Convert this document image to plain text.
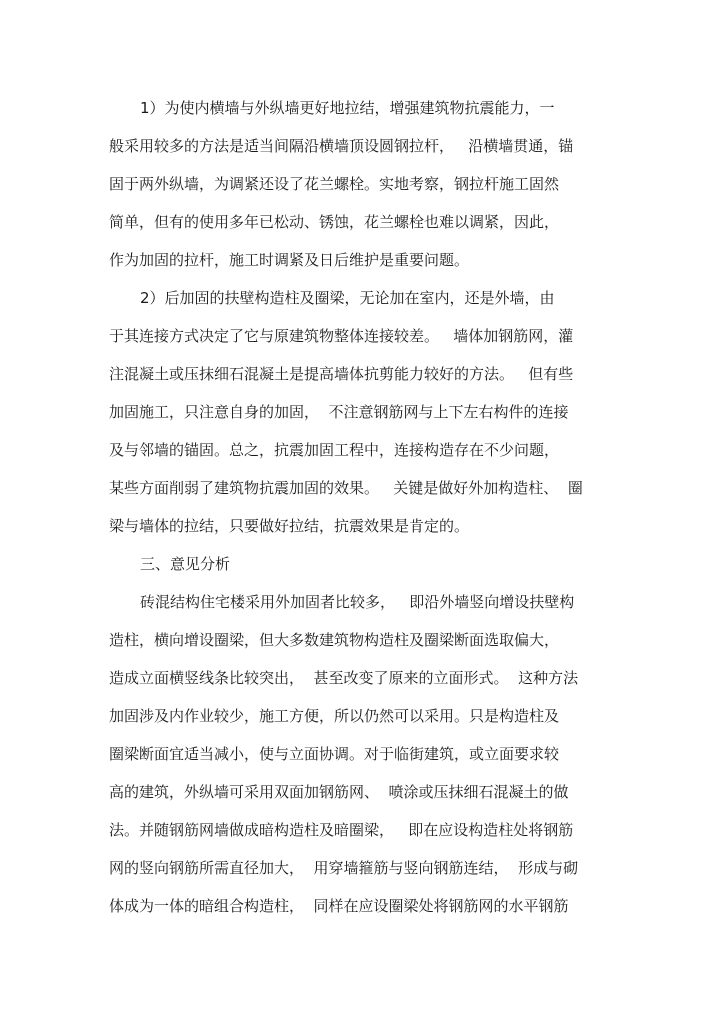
1）为使内横墙与外纵墙更好地拉结，增强建筑物抗震能力，一
般采用较多的方法是适当间隔沿横墙顶设圆钢拉杆，   沿横墙贯通，锚
固于两外纵墙，为调紧还设了花兰螺栓。实地考察，钢拉杆施工固然
简单，但有的使用多年已松动、锈蚀，花兰螺栓也难以调紧，因此，
作为加固的拉杆，施工时调紧及日后维护是重要问题。
2）后加固的扶壁构造柱及圈梁，无论加在室内，还是外墙，由
于其连接方式决定了它与原建筑物整体连接较差。   墙体加钢筋网，灌
注混凝土或压抹细石混凝土是提高墙体抗剪能力较好的方法。   但有些
加固施工，只注意自身的加固，  不注意钢筋网与上下左右构件的连接
及与邻墙的锚固。总之，抗震加固工程中，连接构造存在不少问题，
某些方面削弱了建筑物抗震加固的效果。   关键是做好外加构造柱、  圈
梁与墙体的拉结，只要做好拉结，抗震效果是肯定的。
三、意见分析
砖混结构住宅楼采用外加固者比较多，   即沿外墙竖向增设扶壁构
造柱，横向增设圈梁，但大多数建筑物构造柱及圈梁断面选取偏大，
造成立面横竖线条比较突出，  甚至改变了原来的立面形式。  这种方法
加固涉及内作业较少，施工方便，所以仍然可以采用。只是构造柱及
圈梁断面宜适当减小，使与立面协调。对于临街建筑，或立面要求较
高的建筑，外纵墙可采用双面加钢筋网、  喷涂或压抹细石混凝土的做
法。并随钢筋网墙做成暗构造柱及暗圈梁，   即在应设构造柱处将钢筋
网的竖向钢筋所需直径加大，  用穿墙箍筋与竖向钢筋连结，  形成与砌
体成为一体的暗组合构造柱，  同样在应设圈梁处将钢筋网的水平钢筋
